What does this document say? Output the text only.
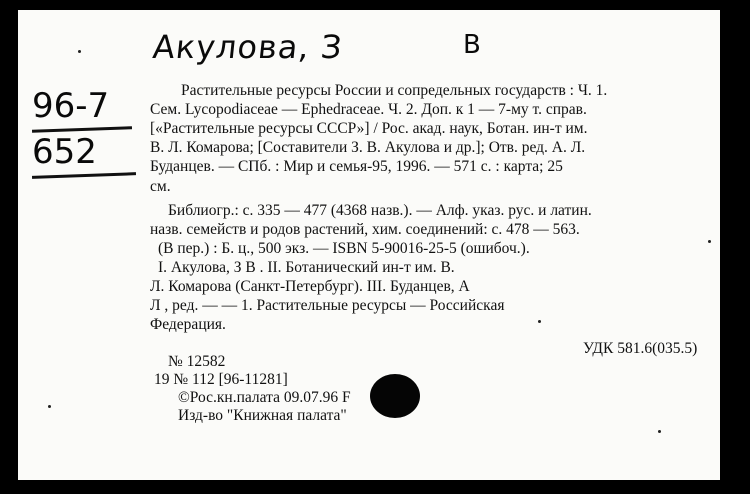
Акулова, З	В
96-7
652
Растительные ресурсы России и сопредельных государств : Ч. 1.
Сем. Lycopodiaceae — Ephedraceae. Ч. 2. Доп. к 1 — 7-му т. справ.
[«Растительные ресурсы СССР»] / Рос. акад. наук, Ботан. ин-т им.
В. Л. Комарова; [Составители З. В. Акулова и др.]; Отв. ред. А. Л.
Буданцев. — СПб. : Мир и семья-95, 1996. — 571 с. : карта; 25
см.
Библиогр.: с. 335 — 477 (4368 назв.). — Алф. указ. рус. и латин.
назв. семейств и родов растений, хим. соединений: с. 478 — 563.
(В пер.) : Б. ц., 500 экз. — ISBN 5-90016-25-5 (ошибоч.).
I. Акулова, З В . II. Ботанический ин-т им. В.
Л. Комарова (Санкт-Петербург). III. Буданцев, А
Л , ред. — — 1. Растительные ресурсы — Российская
Федерация.
№ 12582
УДК 581.6(035.5)
19 № 112 [96-11281]
©Рос.кн.палата 09.07.96 F
Изд-во "Книжная палата"
